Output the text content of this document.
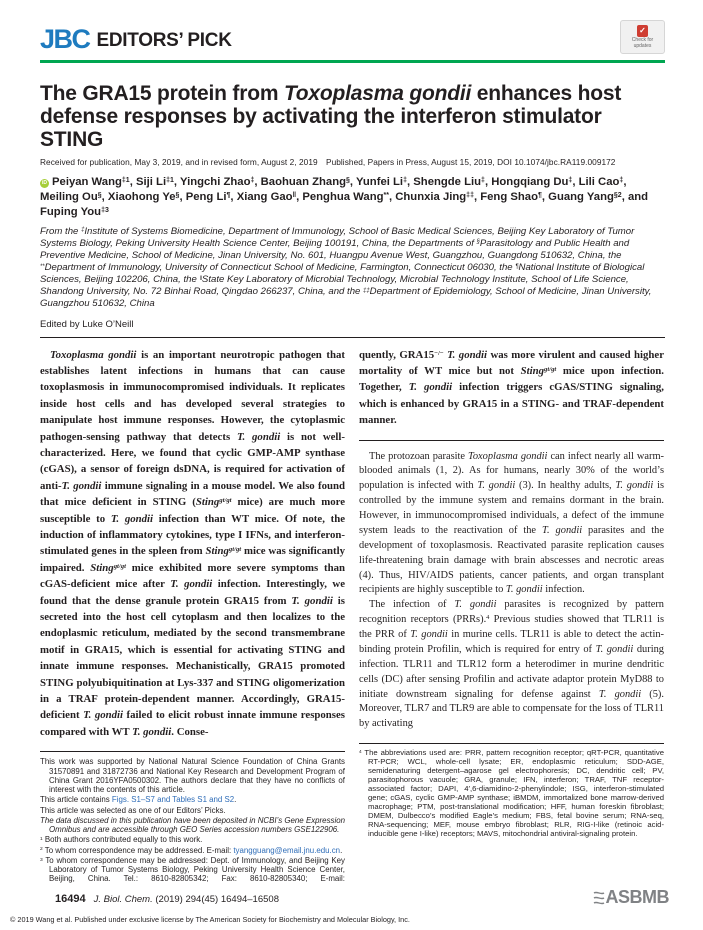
JBC EDITORS’ PICK	✓
Check for
updates
The GRA15 protein from Toxoplasma gondii enhances host defense responses by activating the interferon stimulator STING
Received for publication, May 3, 2019, and in revised form, August 2, 2019 Published, Papers in Press, August 15, 2019, DOI 10.1074/jbc.RA119.009172
iD Peiyan Wang$^{\ddagger 1}$, Siji Li$^{\ddagger 1}$, Yingchi Zhao‡, Baohuan Zhang§, Yunfei Li‡, Shengde Liu‡, Hongqiang Du‡, Lili Cao‡, Meiling Ou§, Xiaohong Ye§, Peng Li¶, Xiang Gao‖, Penghua Wang**, Chunxia Jing‡‡, Feng Shao¶, Guang Yang$^{\S 2}$, and Fuping You$^{\ddagger 3}$
From the ‡Institute of Systems Biomedicine, Department of Immunology, School of Basic Medical Sciences, Beijing Key Laboratory of Tumor Systems Biology, Peking University Health Science Center, Beijing 100191, China, the Departments of §Parasitology and Public Health and Preventive Medicine, School of Medicine, Jinan University, No. 601, Huangpu Avenue West, Guangzhou, Guangdong 510632, China, the **Department of Immunology, University of Connecticut School of Medicine, Farmington, Connecticut 06030, the ¶National Institute of Biological Sciences, Beijing 102206, China, the ‖State Key Laboratory of Microbial Technology, Microbial Technology Institute, School of Life Science, Shandong University, No. 72 Binhai Road, Qingdao 266237, China, and the ‡‡Department of Epidemiology, School of Medicine, Jinan University, Guangzhou 510632, China
Edited by Luke O’Neill

Toxoplasma gondii is an important neurotropic pathogen that establishes latent infections in humans that can cause toxoplasmosis in immunocompromised individuals. It replicates inside host cells and has developed several strategies to manipulate host immune responses. However, the cytoplasmic pathogen-sensing pathway that detects T. gondii is not well-characterized. Here, we found that cyclic GMP-AMP synthase (cGAS), a sensor of foreign dsDNA, is required for activation of anti-T. gondii immune signaling in a mouse model. We also found that mice deficient in STING (Sting$^{gt/gt}$ mice) are much more susceptible to T. gondii infection than WT mice. Of note, the induction of inflammatory cytokines, type I IFNs, and interferon-stimulated genes in the spleen from Sting$^{gt/gt}$ mice was significantly impaired. Sting$^{gt/gt}$ mice exhibited more severe symptoms than cGAS-deficient mice after T. gondii infection. Interestingly, we found that the dense granule protein GRA15 from T. gondii is secreted into the host cell cytoplasm and then localizes to the endoplasmic reticulum, mediated by the second transmembrane motif in GRA15, which is essential for activating STING and innate immune responses. Mechanistically, GRA15 promoted STING polyubiquitination at Lys-337 and STING oligomerization in a TRAF protein-dependent manner. Accordingly, GRA15-deficient T. gondii failed to elicit robust innate immune responses compared with WT T. gondii. Conse-

This work was supported by National Natural Science Foundation of China Grants 31570891 and 31872736 and National Key Research and Development Program of China Grant 2016YFA0500302. The authors declare that they have no conflicts of interest with the contents of this article.
This article contains Figs. S1–S7 and Tables S1 and S2.
This article was selected as one of our Editors’ Picks.
The data discussed in this publication have been deposited in NCBI’s Gene Expression Omnibus and are accessible through GEO Series accession numbers GSE122906.
$^1$ Both authors contributed equally to this work.
$^2$ To whom correspondence may be addressed. E-mail: tyangguang@email.jnu.edu.cn.
$^3$ To whom correspondence may be addressed: Dept. of Immunology, and Beijing Key Laboratory of Tumor Systems Biology, Peking University Health Science Center, Beijing, China. Tel.: 8610-82805342; Fax: 8610-82805340; E-mail:

quently, GRA15−/− T. gondii was more virulent and caused higher mortality of WT mice but not Sting$^{gt/gt}$ mice upon infection. Together, T. gondii infection triggers cGAS/STING signaling, which is enhanced by GRA15 in a STING- and TRAF-dependent manner.

The protozoan parasite Toxoplasma gondii can infect nearly all warm-blooded animals (1, 2). As for humans, nearly 30% of the world’s population is infected with T. gondii (3). In healthy adults, T. gondii is controlled by the immune system and remains dormant in the brain. However, in immunocompromised individuals, a defect of the immune system leads to the reactivation of the T. gondii parasites and the development of toxoplasmosis. Reactivated parasite replication causes life-threatening brain damage with brain abscesses and necrotic areas (4). Thus, HIV/AIDS patients, cancer patients, and organ transplant recipients are highly susceptible to T. gondii infection.

The infection of T. gondii parasites is recognized by pattern recognition receptors (PRRs).$^4$ Previous studies showed that TLR11 is the PRR of T. gondii in murine cells. TLR11 is able to detect the actin-binding protein Profilin, which is required for entry of T. gondii during infection. TLR11 and TLR12 form a heterodimer in murine dendritic cells (DC) after sensing Profilin and activate adaptor protein MyD88 to initiate downstream signaling for defense against T. gondii (5). Moreover, TLR7 and TLR9 are able to compensate for the loss of TLR11 by activating

$^4$ The abbreviations used are: PRR, pattern recognition receptor; qRT-PCR, quantitative RT-PCR; WCL, whole-cell lysate; ER, endoplasmic reticulum; SDD-AGE, semidenaturing detergent–agarose gel electrophoresis; DC, dendritic cell; PV, parasitophorous vacuole; GRA, granule; IFN, interferon; TRAF, TNF receptor-associated factor; DAPI, 4′,6-diamidino-2-phenylindole; ISG, interferon-stimulated gene; cGAS, cyclic GMP-AMP synthase; iBMDM, immortalized bone marrow-derived macrophage; PTM, post-translational modification; HFF, human foreskin fibroblast; DMEM, Dulbecco’s modified Eagle’s medium; FBS, fetal bovine serum; RNA-seq, RNA-sequencing; MEF, mouse embryo fibroblast; RLR, RIG-I-like (retinoic acid-inducible gene I-like) receptors; MAVS, mitochondrial antiviral-signaling protein.
16494 J. Biol. Chem. (2019) 294(45) 16494–16508	ASBMB
© 2019 Wang et al. Published under exclusive license by The American Society for Biochemistry and Molecular Biology, Inc.
